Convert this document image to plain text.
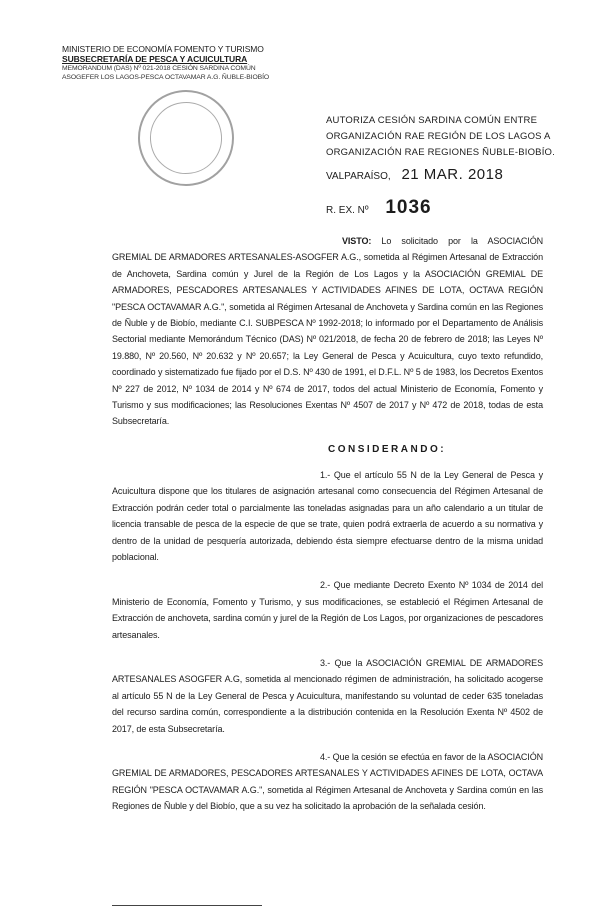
MINISTERIO DE ECONOMÍA FOMENTO Y TURISMO
SUBSECRETARÍA DE PESCA Y ACUICULTURA
MEMORANDUM (DAS) Nº 021-2018 CESIÓN SARDINA COMÚN
ASOGEFER LOS LAGOS-PESCA OCTAVAMAR A.G. ÑUBLE-BIOBÍO
AUTORIZA CESIÓN SARDINA COMÚN ENTRE
ORGANIZACIÓN RAE REGIÓN DE LOS LAGOS A
ORGANIZACIÓN RAE REGIONES ÑUBLE-BIOBÍO.
VALPARAÍSO, 21 MAR. 2018
R. EX. Nº 1036

VISTO: Lo solicitado por la ASOCIACIÓN GREMIAL DE ARMADORES ARTESANALES-ASOGFER A.G., sometida al Régimen Artesanal de Extracción de Anchoveta, Sardina común y Jurel de la Región de Los Lagos y la ASOCIACIÓN GREMIAL DE ARMADORES, PESCADORES ARTESANALES Y ACTIVIDADES AFINES DE LOTA, OCTAVA REGIÓN "PESCA OCTAVAMAR A.G.", sometida al Régimen Artesanal de Anchoveta y Sardina común en las Regiones de Ñuble y de Biobío, mediante C.I. SUBPESCA Nº 1992-2018; lo informado por el Departamento de Análisis Sectorial mediante Memorándum Técnico (DAS) Nº 021/2018, de fecha 20 de febrero de 2018; las Leyes Nº 19.880, Nº 20.560, Nº 20.632 y Nº 20.657; la Ley General de Pesca y Acuicultura, cuyo texto refundido, coordinado y sistematizado fue fijado por el D.S. Nº 430 de 1991, el D.F.L. Nº 5 de 1983, los Decretos Exentos Nº 227 de 2012, Nº 1034 de 2014 y Nº 674 de 2017, todos del actual Ministerio de Economía, Fomento y Turismo y sus modificaciones; las Resoluciones Exentas Nº 4507 de 2017 y Nº 472 de 2018, todas de esta Subsecretaría.

CONSIDERANDO:

1.- Que el artículo 55 N de la Ley General de Pesca y Acuicultura dispone que los titulares de asignación artesanal como consecuencia del Régimen Artesanal de Extracción podrán ceder total o parcialmente las toneladas asignadas para un año calendario a un titular de licencia transable de pesca de la especie de que se trate, quien podrá extraerla de acuerdo a su normativa y dentro de la unidad de pesquería autorizada, debiendo ésta siempre efectuarse dentro de la misma unidad poblacional.

2.- Que mediante Decreto Exento Nº 1034 de 2014 del Ministerio de Economía, Fomento y Turismo, y sus modificaciones, se estableció el Régimen Artesanal de Extracción de anchoveta, sardina común y jurel de la Región de Los Lagos, por organizaciones de pescadores artesanales.

3.- Que la ASOCIACIÓN GREMIAL DE ARMADORES ARTESANALES ASOGFER A.G, sometida al mencionado régimen de administración, ha solicitado acogerse al artículo 55 N de la Ley General de Pesca y Acuicultura, manifestando su voluntad de ceder 635 toneladas del recurso sardina común, correspondiente a la distribución contenida en la Resolución Exenta Nº 4502 de 2017, de esta Subsecretaría.

4.- Que la cesión se efectúa en favor de la ASOCIACIÓN GREMIAL DE ARMADORES, PESCADORES ARTESANALES Y ACTIVIDADES AFINES DE LOTA, OCTAVA REGIÓN "PESCA OCTAVAMAR A.G.", sometida al Régimen Artesanal de Anchoveta y Sardina común en las Regiones de Ñuble y del Biobío, que a su vez ha solicitado la aprobación de la señalada cesión.
